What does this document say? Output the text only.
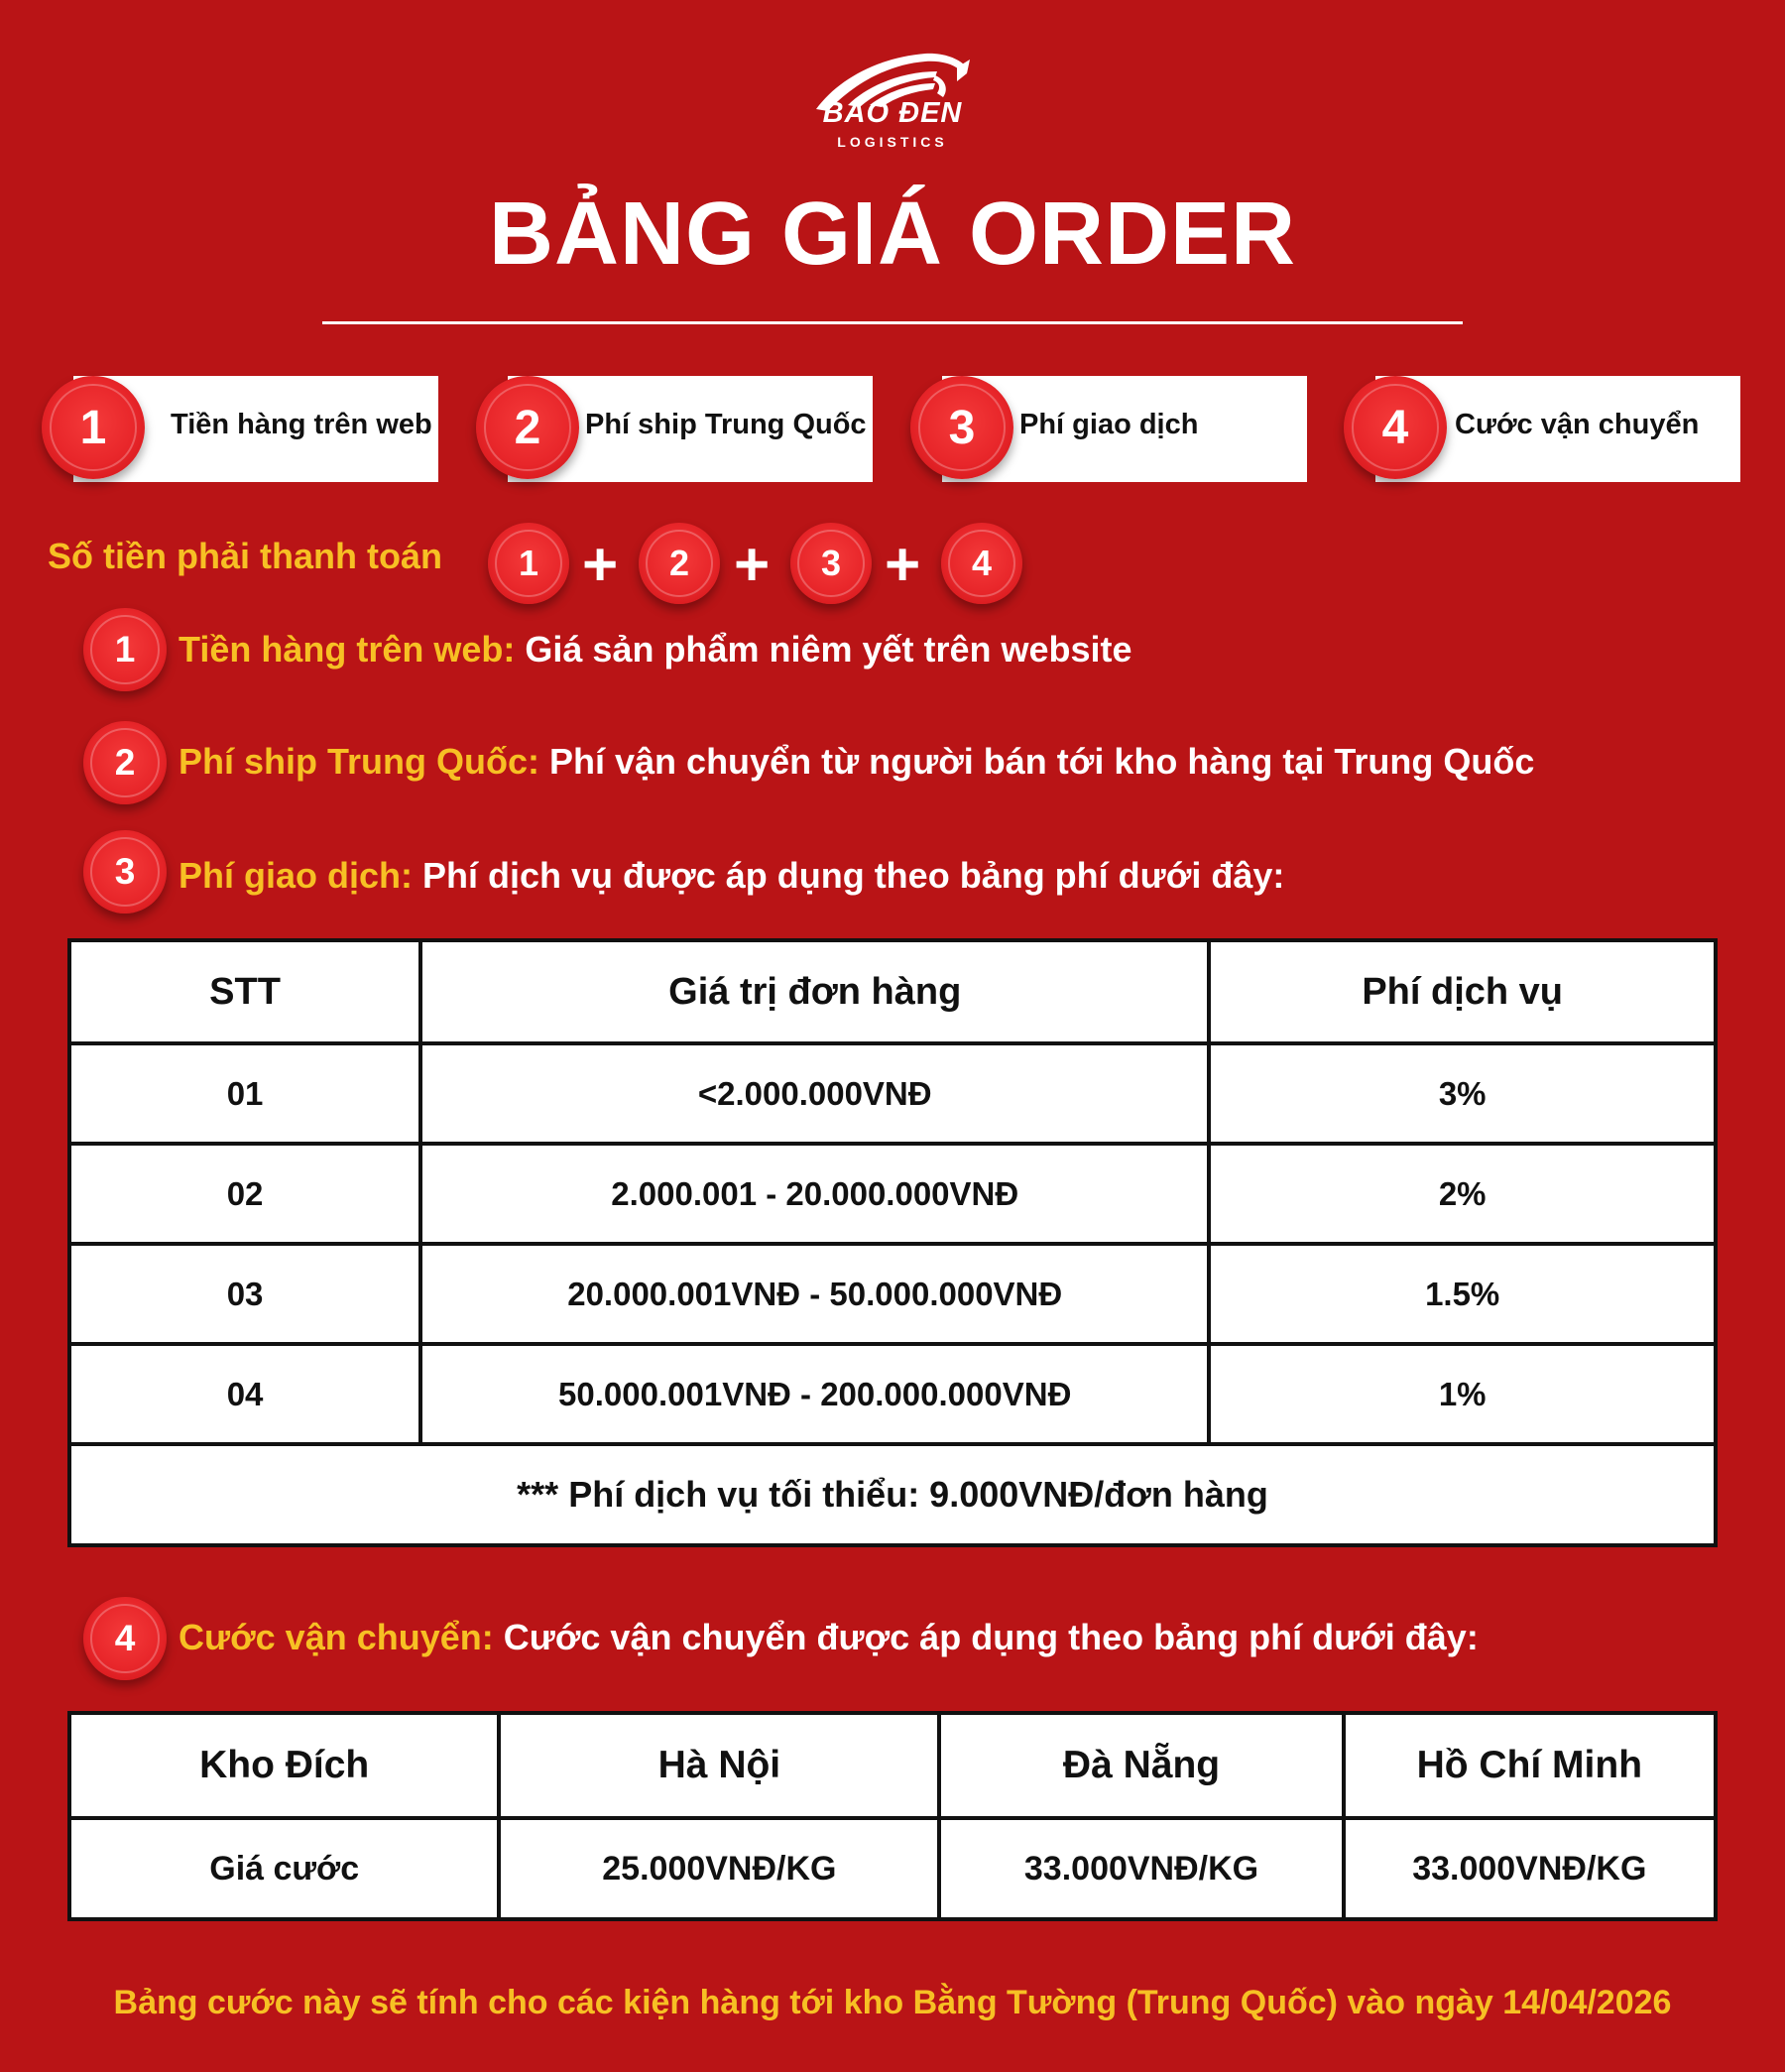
BÁO ĐEN
LOGISTICS
BẢNG GIÁ ORDER
1	Tiền hàng trên web	2	Phí ship Trung Quốc	3	Phí giao dịch	4	Cước vận chuyển
Số tiền phải thanh toán	1 +	2 +	3 +	4
1	Tiền hàng trên web: Giá sản phẩm niêm yết trên website
2	Phí ship Trung Quốc: Phí vận chuyển từ người bán tới kho hàng tại Trung Quốc
3	Phí giao dịch: Phí dịch vụ được áp dụng theo bảng phí dưới đây:
STT	Giá trị đơn hàng	Phí dịch vụ
01	<2.000.000VNĐ	3%
02	2.000.001 - 20.000.000VNĐ	2%
03	20.000.001VNĐ - 50.000.000VNĐ	1.5%
04	50.000.001VNĐ - 200.000.000VNĐ	1%
*** Phí dịch vụ tối thiểu: 9.000VNĐ/đơn hàng		
4	Cước vận chuyển: Cước vận chuyển được áp dụng theo bảng phí dưới đây:
Kho Đích	Hà Nội	Đà Nẵng	Hồ Chí Minh
Giá cước	25.000VNĐ/KG	33.000VNĐ/KG	33.000VNĐ/KG
Bảng cước này sẽ tính cho các kiện hàng tới kho Bằng Tường (Trung Quốc) vào ngày 14/04/2026
